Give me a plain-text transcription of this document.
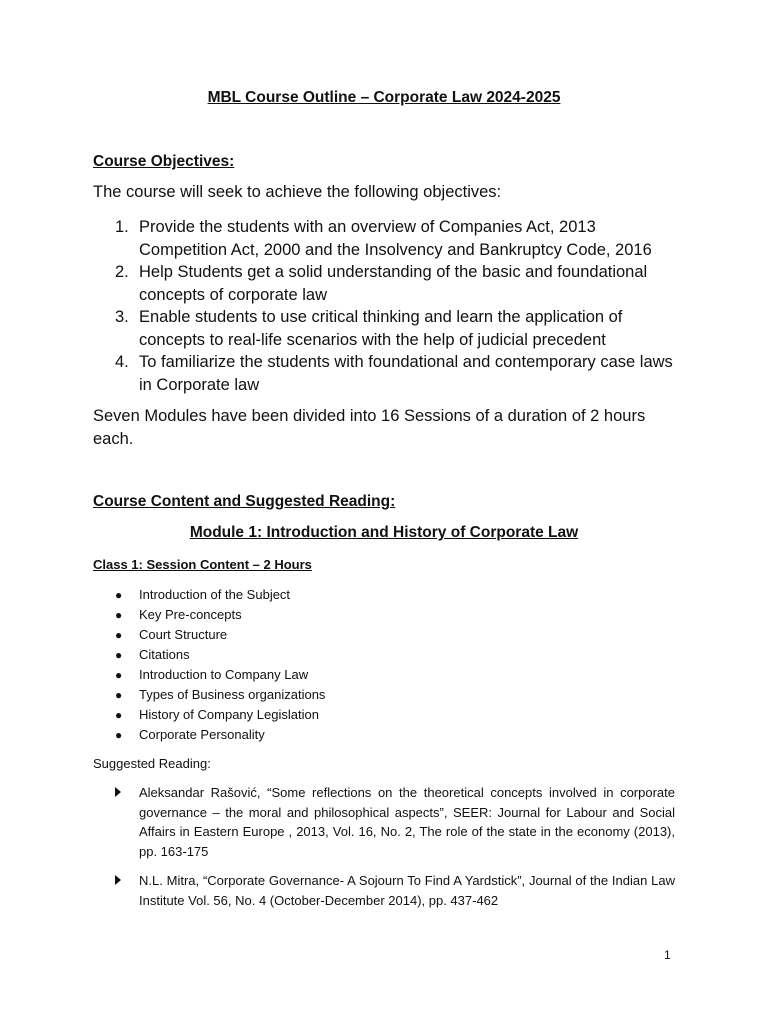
MBL Course Outline – Corporate Law 2024-2025
Course Objectives:
The course will seek to achieve the following objectives:
1. Provide the students with an overview of Companies Act, 2013 Competition Act, 2000 and the Insolvency and Bankruptcy Code, 2016
2. Help Students get a solid understanding of the basic and foundational concepts of corporate law
3. Enable students to use critical thinking and learn the application of concepts to real-life scenarios with the help of judicial precedent
4. To familiarize the students with foundational and contemporary case laws in Corporate law
Seven Modules have been divided into 16 Sessions of a duration of 2 hours each.
Course Content and Suggested Reading:
Module 1: Introduction and History of Corporate Law
Class 1: Session Content – 2 Hours
● Introduction of the Subject
● Key Pre-concepts
● Court Structure
● Citations
● Introduction to Company Law
● Types of Business organizations
● History of Company Legislation
● Corporate Personality
Suggested Reading:
Aleksandar Rašović, “Some reflections on the theoretical concepts involved in corporate governance – the moral and philosophical aspects”, SEER: Journal for Labour and Social Affairs in Eastern Europe , 2013, Vol. 16, No. 2, The role of the state in the economy (2013), pp. 163-175
N.L. Mitra, “Corporate Governance- A Sojourn To Find A Yardstick”, Journal of the Indian Law Institute Vol. 56, No. 4 (October-December 2014), pp. 437-462
1
